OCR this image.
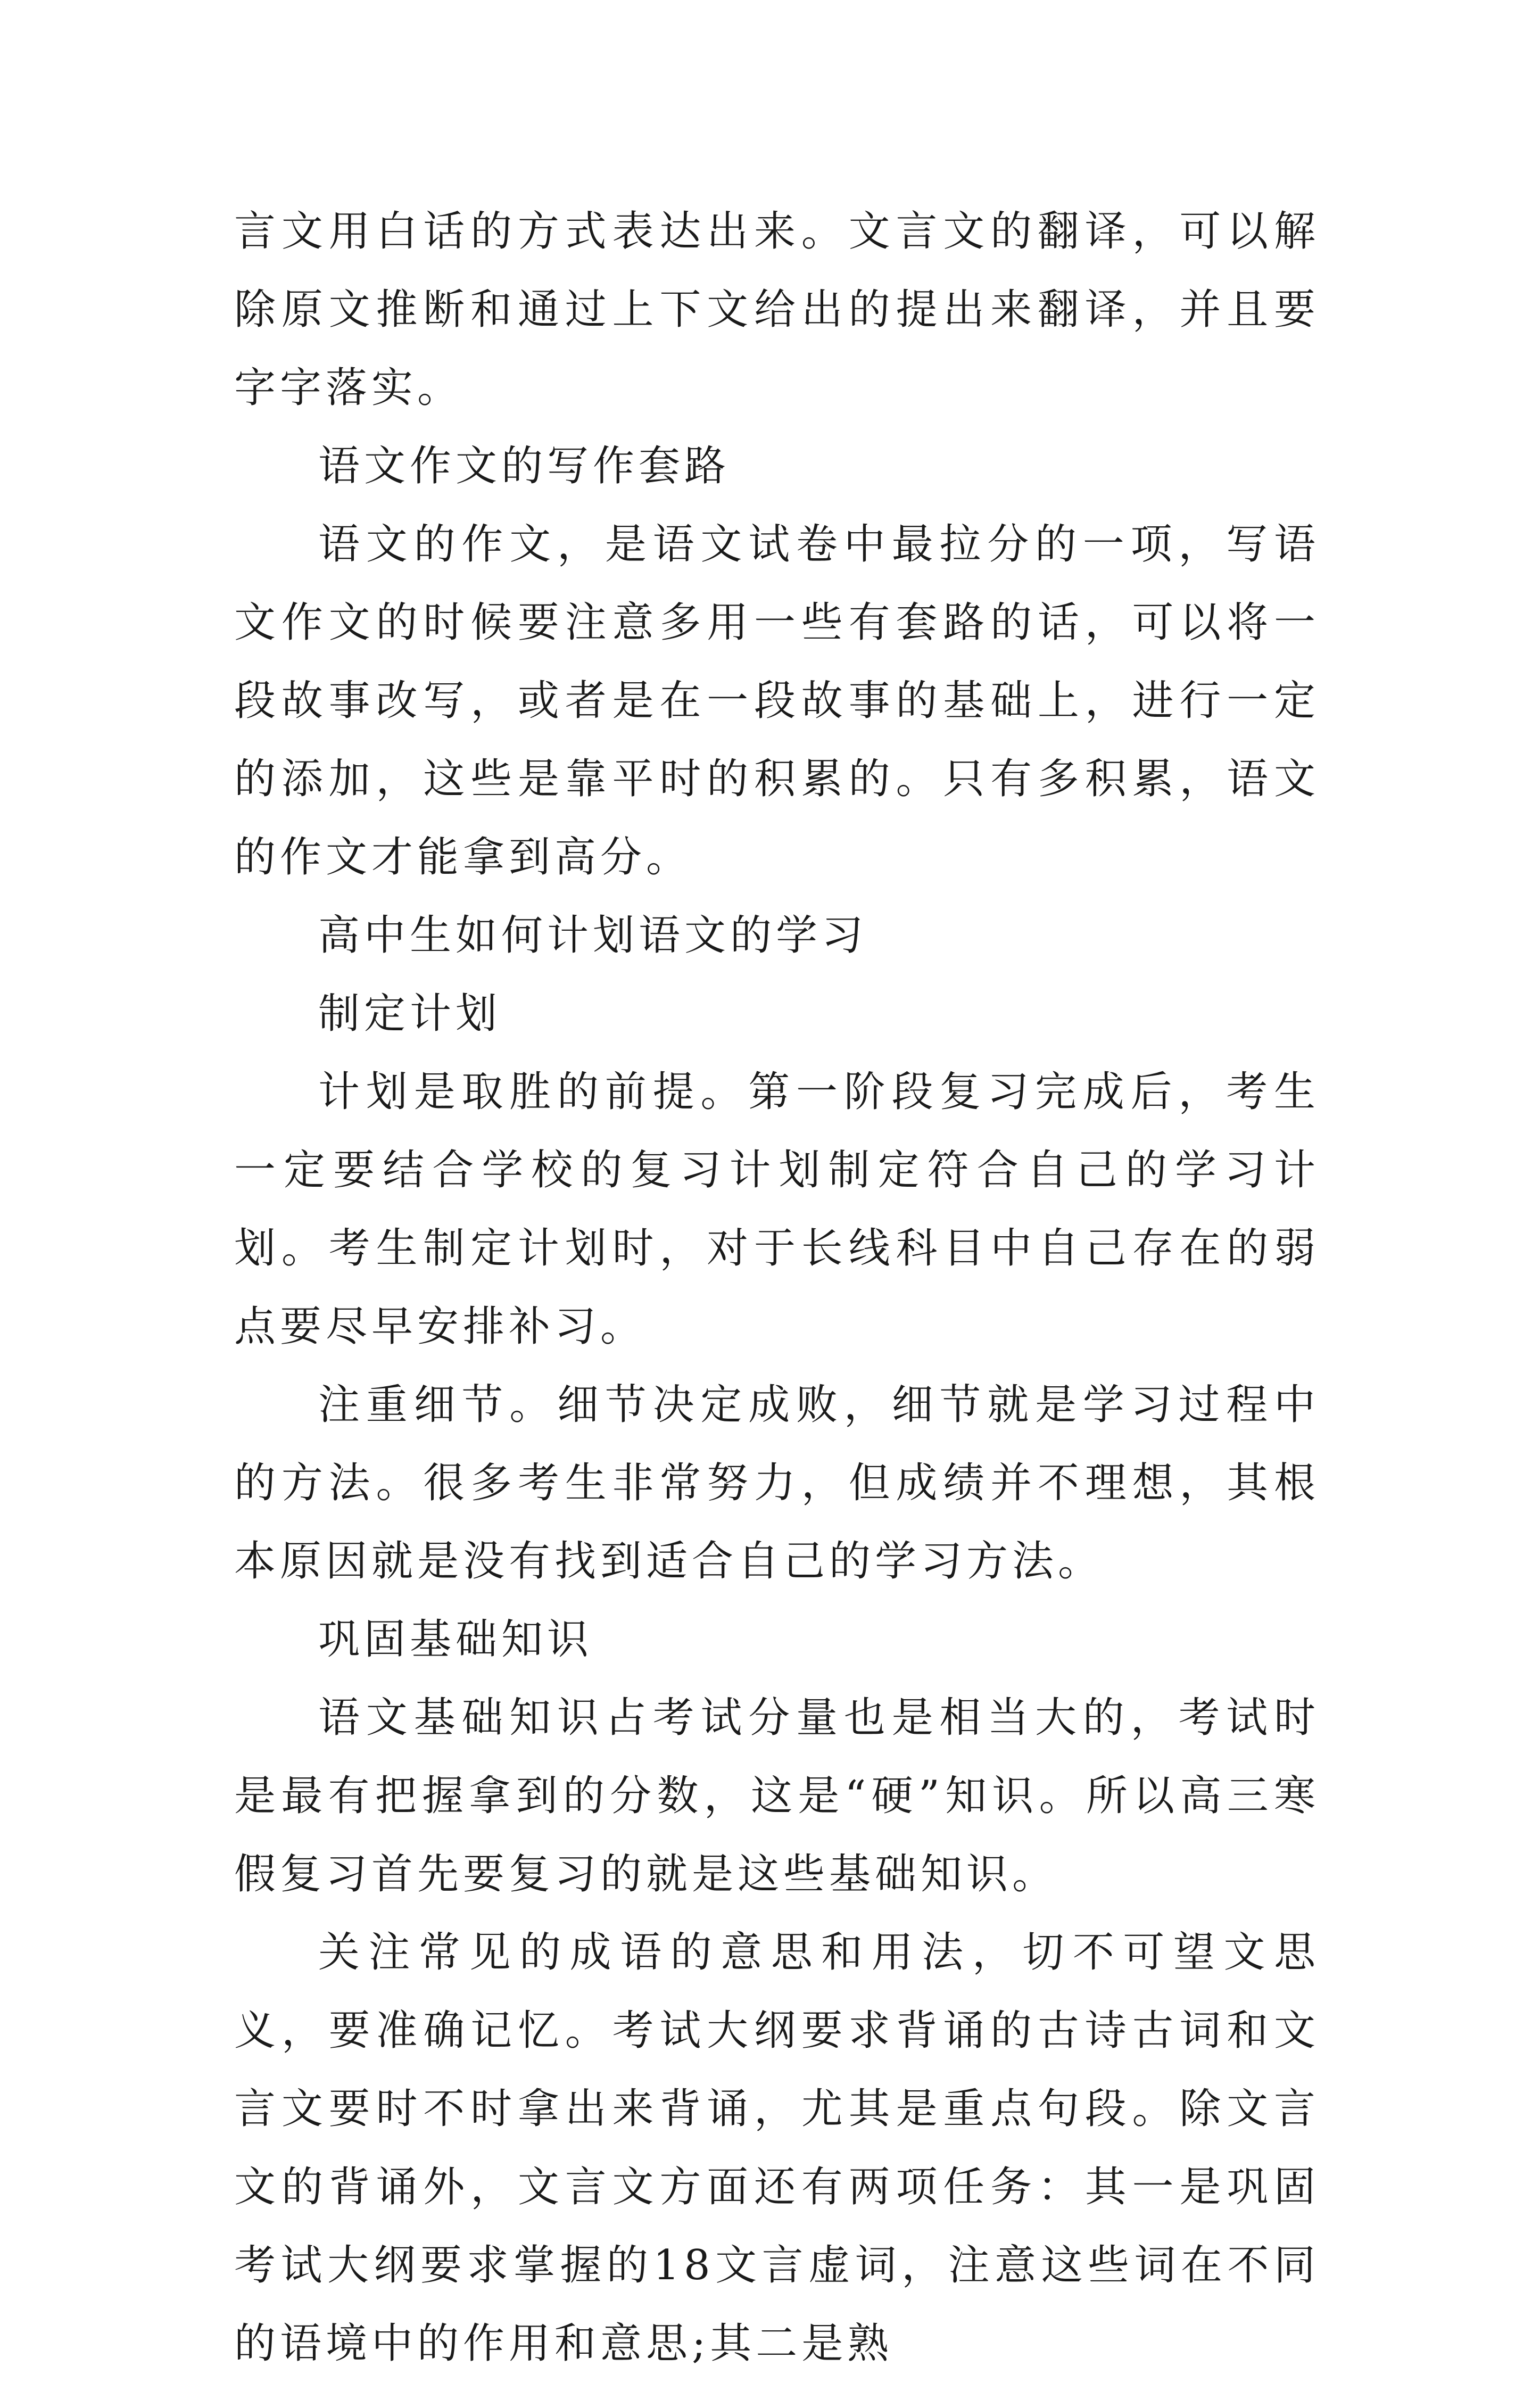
言文用白话的方式表达出来。文言文的翻译，可以解除原文推断和通过上下文给出的提出来翻译，并且要字字落实。

语文作文的写作套路

语文的作文，是语文试卷中最拉分的一项，写语文作文的时候要注意多用一些有套路的话，可以将一段故事改写，或者是在一段故事的基础上，进行一定的添加，这些是靠平时的积累的。只有多积累，语文的作文才能拿到高分。

高中生如何计划语文的学习

制定计划

计划是取胜的前提。第一阶段复习完成后，考生一定要结合学校的复习计划制定符合自己的学习计划。考生制定计划时，对于长线科目中自己存在的弱点要尽早安排补习。

注重细节。细节决定成败，细节就是学习过程中的方法。很多考生非常努力，但成绩并不理想，其根本原因就是没有找到适合自己的学习方法。

巩固基础知识

语文基础知识占考试分量也是相当大的，考试时是最有把握拿到的分数，这是“硬”知识。所以高三寒假复习首先要复习的就是这些基础知识。

关注常见的成语的意思和用法，切不可望文思义，要准确记忆。考试大纲要求背诵的古诗古词和文言文要时不时拿出来背诵，尤其是重点句段。除文言文的背诵外，文言文方面还有两项任务：其一是巩固考试大纲要求掌握的18文言虚词，注意这些词在不同的语境中的作用和意思;其二是熟
